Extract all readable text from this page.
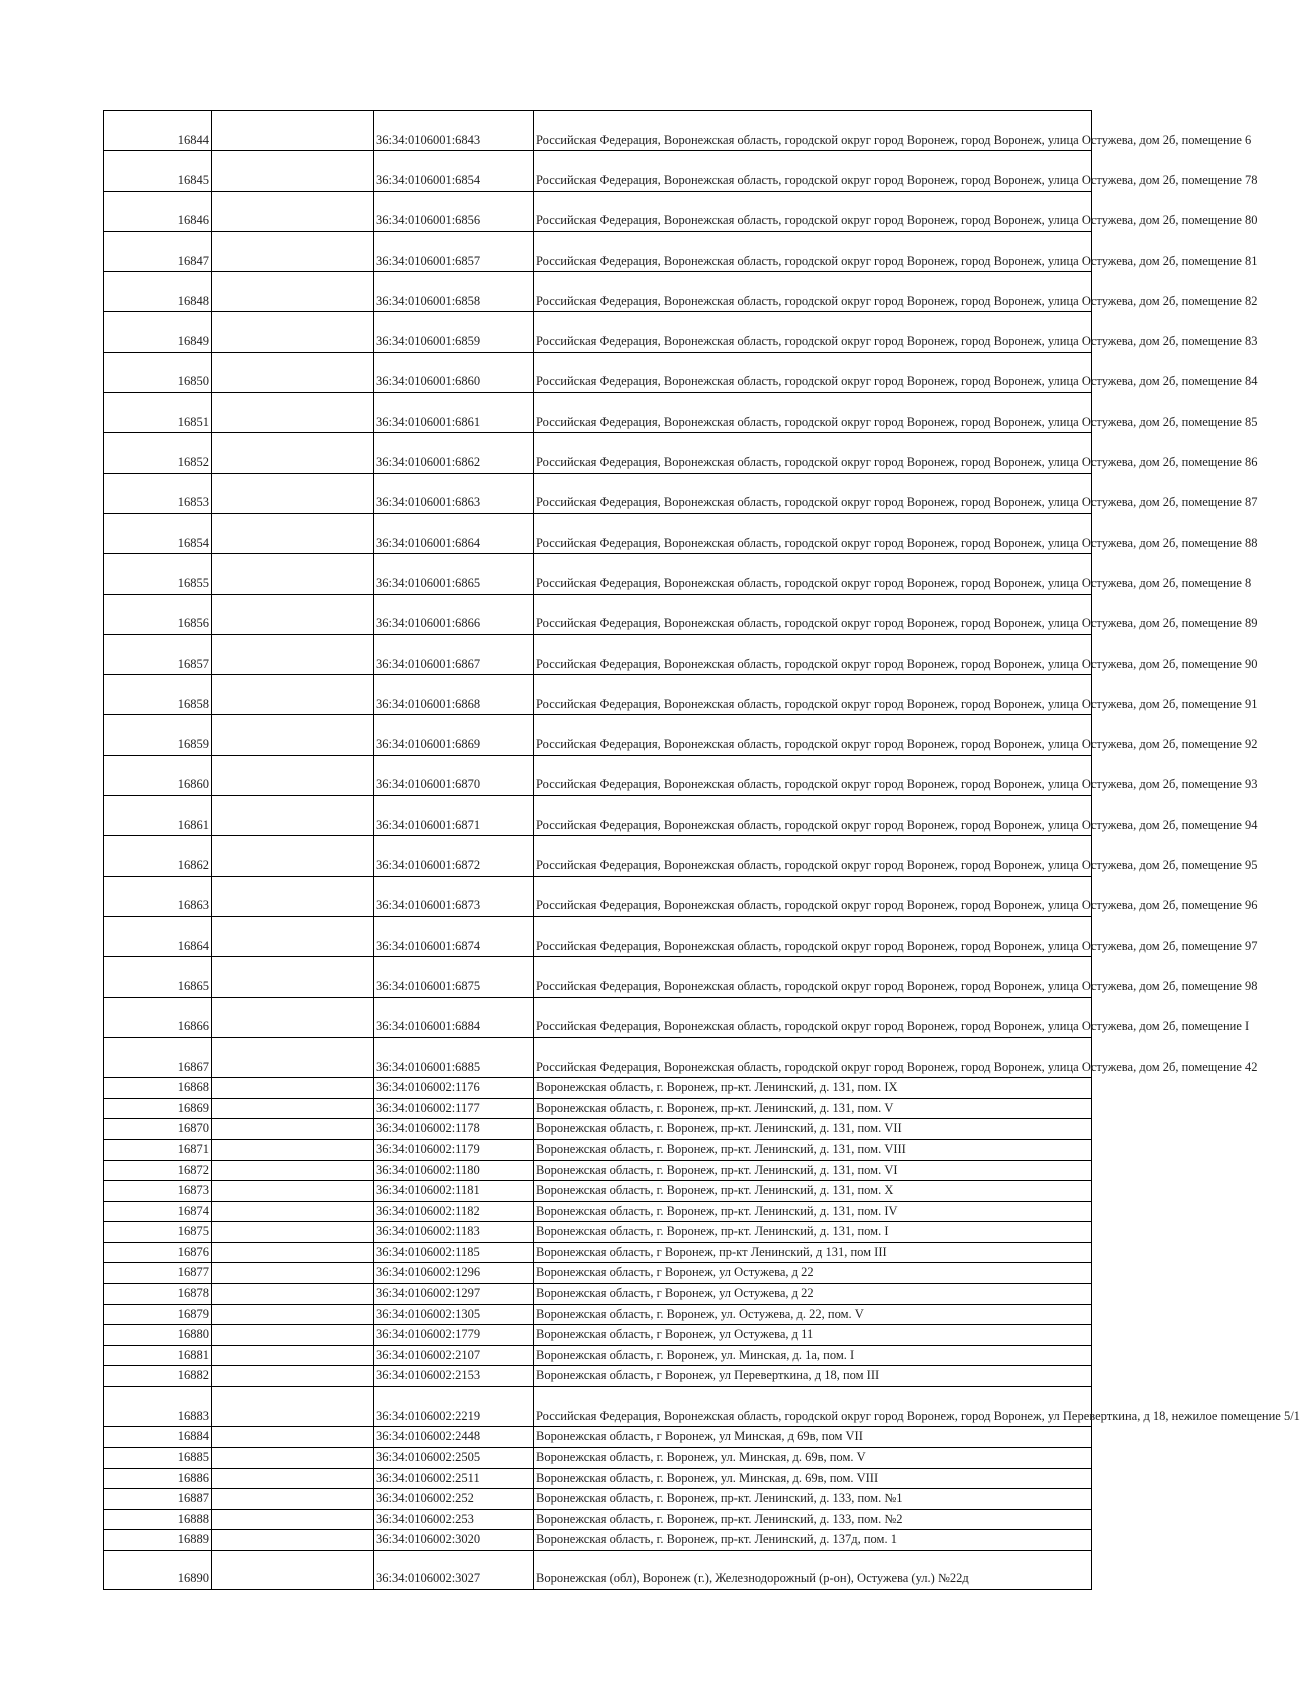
16844		36:34:0106001:6843	Российская Федерация, Воронежская область, городской округ город Воронеж, город Воронеж, улица Остужева, дом 2б, помещение 6
16845		36:34:0106001:6854	Российская Федерация, Воронежская область, городской округ город Воронеж, город Воронеж, улица Остужева, дом 2б, помещение 78
16846		36:34:0106001:6856	Российская Федерация, Воронежская область, городской округ город Воронеж, город Воронеж, улица Остужева, дом 2б, помещение 80
16847		36:34:0106001:6857	Российская Федерация, Воронежская область, городской округ город Воронеж, город Воронеж, улица Остужева, дом 2б, помещение 81
16848		36:34:0106001:6858	Российская Федерация, Воронежская область, городской округ город Воронеж, город Воронеж, улица Остужева, дом 2б, помещение 82
16849		36:34:0106001:6859	Российская Федерация, Воронежская область, городской округ город Воронеж, город Воронеж, улица Остужева, дом 2б, помещение 83
16850		36:34:0106001:6860	Российская Федерация, Воронежская область, городской округ город Воронеж, город Воронеж, улица Остужева, дом 2б, помещение 84
16851		36:34:0106001:6861	Российская Федерация, Воронежская область, городской округ город Воронеж, город Воронеж, улица Остужева, дом 2б, помещение 85
16852		36:34:0106001:6862	Российская Федерация, Воронежская область, городской округ город Воронеж, город Воронеж, улица Остужева, дом 2б, помещение 86
16853		36:34:0106001:6863	Российская Федерация, Воронежская область, городской округ город Воронеж, город Воронеж, улица Остужева, дом 2б, помещение 87
16854		36:34:0106001:6864	Российская Федерация, Воронежская область, городской округ город Воронеж, город Воронеж, улица Остужева, дом 2б, помещение 88
16855		36:34:0106001:6865	Российская Федерация, Воронежская область, городской округ город Воронеж, город Воронеж, улица Остужева, дом 2б, помещение 8
16856		36:34:0106001:6866	Российская Федерация, Воронежская область, городской округ город Воронеж, город Воронеж, улица Остужева, дом 2б, помещение 89
16857		36:34:0106001:6867	Российская Федерация, Воронежская область, городской округ город Воронеж, город Воронеж, улица Остужева, дом 2б, помещение 90
16858		36:34:0106001:6868	Российская Федерация, Воронежская область, городской округ город Воронеж, город Воронеж, улица Остужева, дом 2б, помещение 91
16859		36:34:0106001:6869	Российская Федерация, Воронежская область, городской округ город Воронеж, город Воронеж, улица Остужева, дом 2б, помещение 92
16860		36:34:0106001:6870	Российская Федерация, Воронежская область, городской округ город Воронеж, город Воронеж, улица Остужева, дом 2б, помещение 93
16861		36:34:0106001:6871	Российская Федерация, Воронежская область, городской округ город Воронеж, город Воронеж, улица Остужева, дом 2б, помещение 94
16862		36:34:0106001:6872	Российская Федерация, Воронежская область, городской округ город Воронеж, город Воронеж, улица Остужева, дом 2б, помещение 95
16863		36:34:0106001:6873	Российская Федерация, Воронежская область, городской округ город Воронеж, город Воронеж, улица Остужева, дом 2б, помещение 96
16864		36:34:0106001:6874	Российская Федерация, Воронежская область, городской округ город Воронеж, город Воронеж, улица Остужева, дом 2б, помещение 97
16865		36:34:0106001:6875	Российская Федерация, Воронежская область, городской округ город Воронеж, город Воронеж, улица Остужева, дом 2б, помещение 98
16866		36:34:0106001:6884	Российская Федерация, Воронежская область, городской округ город Воронеж, город Воронеж, улица Остужева, дом 2б, помещение I
16867		36:34:0106001:6885	Российская Федерация, Воронежская область, городской округ город Воронеж, город Воронеж, улица Остужева, дом 2б, помещение 42
16868		36:34:0106002:1176	Воронежская область, г. Воронеж, пр-кт. Ленинский, д. 131, пом. IX
16869		36:34:0106002:1177	Воронежская область, г. Воронеж, пр-кт. Ленинский, д. 131, пом. V
16870		36:34:0106002:1178	Воронежская область, г. Воронеж, пр-кт. Ленинский, д. 131, пом. VII
16871		36:34:0106002:1179	Воронежская область, г. Воронеж, пр-кт. Ленинский, д. 131, пом. VIII
16872		36:34:0106002:1180	Воронежская область, г. Воронеж, пр-кт. Ленинский, д. 131, пом. VI
16873		36:34:0106002:1181	Воронежская область, г. Воронеж, пр-кт. Ленинский, д. 131, пом. X
16874		36:34:0106002:1182	Воронежская область, г. Воронеж, пр-кт. Ленинский, д. 131, пом. IV
16875		36:34:0106002:1183	Воронежская область, г. Воронеж, пр-кт. Ленинский, д. 131, пом. I
16876		36:34:0106002:1185	Воронежская область, г Воронеж, пр-кт Ленинский, д 131, пом III
16877		36:34:0106002:1296	Воронежская область, г Воронеж, ул Остужева, д 22
16878		36:34:0106002:1297	Воронежская область, г Воронеж, ул Остужева, д 22
16879		36:34:0106002:1305	Воронежская область, г. Воронеж, ул. Остужева, д. 22, пом. V
16880		36:34:0106002:1779	Воронежская область, г Воронеж, ул Остужева, д 11
16881		36:34:0106002:2107	Воронежская область, г. Воронеж, ул. Минская, д. 1а, пом. I
16882		36:34:0106002:2153	Воронежская область, г Воронеж, ул Переверткина, д 18, пом III
16883		36:34:0106002:2219	Российская Федерация, Воронежская область, городской округ город Воронеж, город Воронеж, ул Переверткина, д 18, нежилое помещение 5/1
16884		36:34:0106002:2448	Воронежская область, г Воронеж, ул Минская, д 69в, пом VII
16885		36:34:0106002:2505	Воронежская область, г. Воронеж, ул. Минская, д. 69в, пом. V
16886		36:34:0106002:2511	Воронежская область, г. Воронеж, ул. Минская, д. 69в, пом. VIII
16887		36:34:0106002:252	Воронежская область, г. Воронеж, пр-кт. Ленинский, д. 133, пом. №1
16888		36:34:0106002:253	Воронежская область, г. Воронеж, пр-кт. Ленинский, д. 133, пом. №2
16889		36:34:0106002:3020	Воронежская область, г. Воронеж, пр-кт. Ленинский, д. 137д, пом. 1
16890		36:34:0106002:3027	Воронежская (обл), Воронеж (г.), Железнодорожный (р-он), Остужева (ул.) №22д
